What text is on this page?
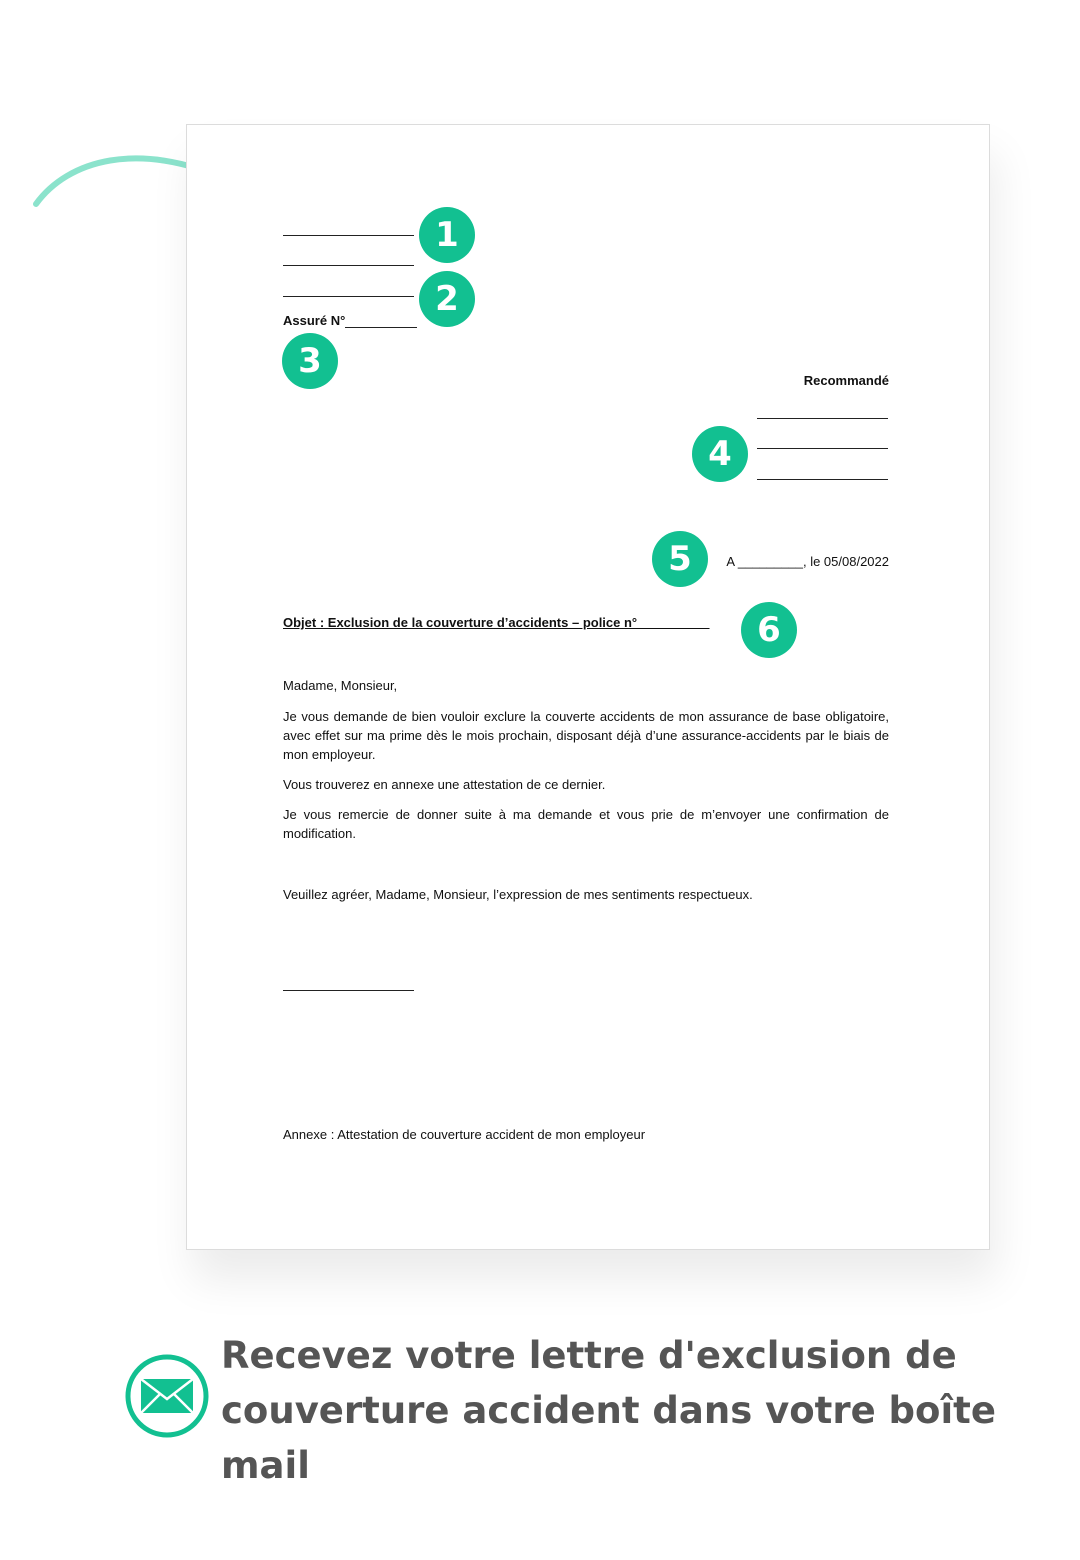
Assuré N°
1
2
3	Recommandé
4
5	A _________, le 05/08/2022
Objet : Exclusion de la couverture d’accidents – police n°__________	6
Madame, Monsieur,
Je vous demande de bien vouloir exclure la couverte accidents de mon assurance de base obligatoire, avec effet sur ma prime dès le mois prochain, disposant déjà d’une assurance-accidents par le biais de mon employeur.
Vous trouverez en annexe une attestation de ce dernier.
Je vous remercie de donner suite à ma demande et vous prie de m’envoyer une confirmation de modification.
Veuillez agréer, Madame, Monsieur, l’expression de mes sentiments respectueux.
Annexe : Attestation de couverture accident de mon employeur
Recevez votre lettre d'exclusion de couverture accident dans votre boîte mail
